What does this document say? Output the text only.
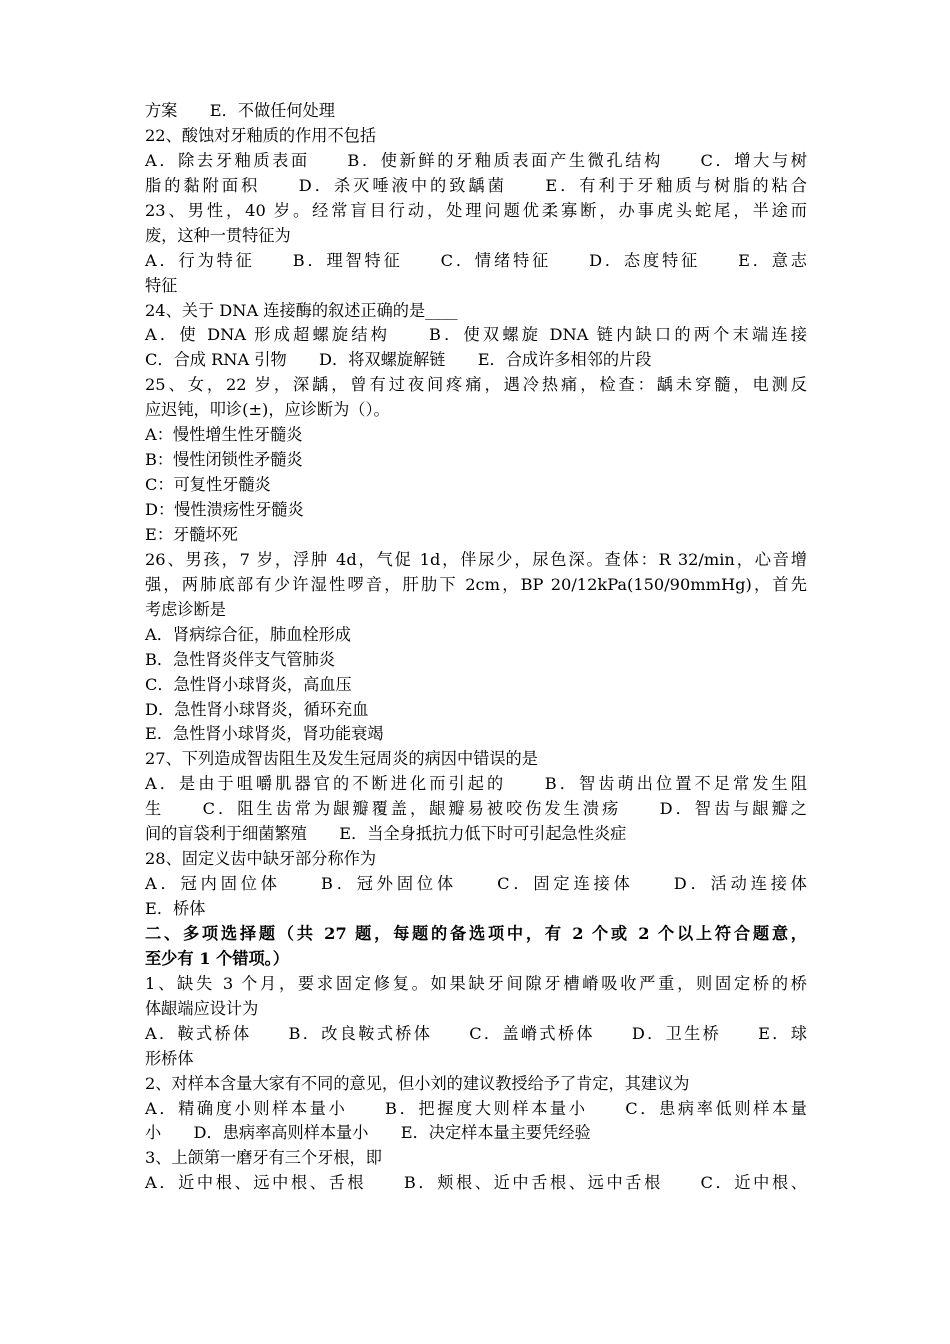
方案　　E．不做任何处理
22、酸蚀对牙釉质的作用不包括
A．除去牙釉质表面　　B．使新鲜的牙釉质表面产生微孔结构　　C．增大与树
脂的黏附面积　　D．杀灭唾液中的致龋菌　　E．有利于牙釉质与树脂的粘合
23、男性，40 岁。经常盲目行动，处理问题优柔寡断，办事虎头蛇尾，半途而
废，这种一贯特征为
A．行为特征　　B．理智特征　　C．情绪特征　　D．态度特征　　E．意志
特征
24、关于 DNA 连接酶的叙述正确的是____
A．使 DNA 形成超螺旋结构　　B．使双螺旋 DNA 链内缺口的两个末端连接
C．合成 RNA 引物　　D．将双螺旋解链　　E．合成许多相邻的片段
25、女，22 岁，深龋，曾有过夜间疼痛，遇冷热痛，检查：龋未穿髓，电测反
应迟钝，叩诊(±)，应诊断为（）。
A：慢性增生性牙髓炎
B：慢性闭锁性矛髓炎
C：可复性牙髓炎
D：慢性溃疡性牙髓炎
E：牙髓坏死
26、男孩，7 岁，浮肿 4d，气促 1d，伴尿少，尿色深。查体：R 32/min，心音增
强，两肺底部有少许湿性啰音，肝肋下 2cm，BP 20/12kPa(150/90mmHg)，首先
考虑诊断是
A．肾病综合征，肺血栓形成
B．急性肾炎伴支气管肺炎
C．急性肾小球肾炎，高血压
D．急性肾小球肾炎，循环充血
E．急性肾小球肾炎，肾功能衰竭
27、下列造成智齿阻生及发生冠周炎的病因中错误的是
A．是由于咀嚼肌器官的不断进化而引起的　　B．智齿萌出位置不足常发生阻
生　　C．阻生齿常为龈瓣覆盖，龈瓣易被咬伤发生溃疡　　D．智齿与龈瓣之
间的盲袋利于细菌繁殖　　E．当全身抵抗力低下时可引起急性炎症
28、固定义齿中缺牙部分称作为
A．冠内固位体　　B．冠外固位体　　C．固定连接体　　D．活动连接体
E．桥体
二、多项选择题（共 27 题，每题的备选项中，有 2 个或 2 个以上符合题意，
至少有 1 个错项。）
1、缺失 3 个月，要求固定修复。如果缺牙间隙牙槽嵴吸收严重，则固定桥的桥
体龈端应设计为
A．鞍式桥体　　B．改良鞍式桥体　　C．盖嵴式桥体　　D．卫生桥　　E．球
形桥体
2、对样本含量大家有不同的意见，但小刘的建议教授给予了肯定，其建议为
A．精确度小则样本量小　　B．把握度大则样本量小　　C．患病率低则样本量
小　　D．患病率高则样本量小　　E．决定样本量主要凭经验
3、上颌第一磨牙有三个牙根，即
A．近中根、远中根、舌根　　B．颊根、近中舌根、远中舌根　　C．近中根、
